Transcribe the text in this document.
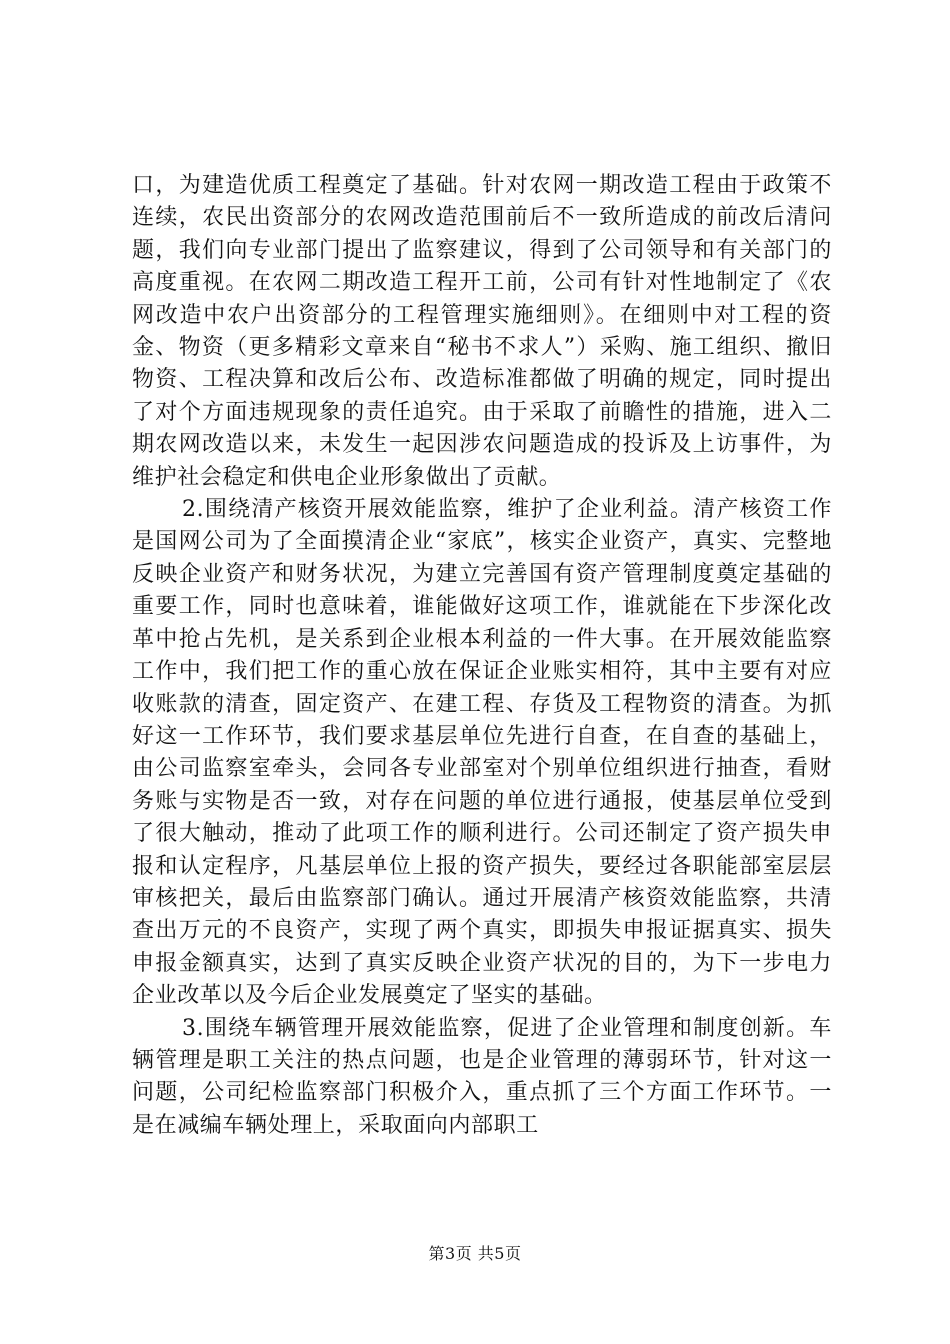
口，为建造优质工程奠定了基础。针对农网一期改造工程由于政策不连续，农民出资部分的农网改造范围前后不一致所造成的前改后清问题，我们向专业部门提出了监察建议，得到了公司领导和有关部门的高度重视。在农网二期改造工程开工前，公司有针对性地制定了《农网改造中农户出资部分的工程管理实施细则》。在细则中对工程的资金、物资（更多精彩文章来自“秘书不求人”）采购、施工组织、撤旧物资、工程决算和改后公布、改造标准都做了明确的规定，同时提出了对个方面违规现象的责任追究。由于采取了前瞻性的措施，进入二期农网改造以来，未发生一起因涉农问题造成的投诉及上访事件，为维护社会稳定和供电企业形象做出了贡献。

2.围绕清产核资开展效能监察，维护了企业利益。清产核资工作是国网公司为了全面摸清企业“家底”，核实企业资产，真实、完整地反映企业资产和财务状况，为建立完善国有资产管理制度奠定基础的重要工作，同时也意味着，谁能做好这项工作，谁就能在下步深化改革中抢占先机，是关系到企业根本利益的一件大事。在开展效能监察工作中，我们把工作的重心放在保证企业账实相符，其中主要有对应收账款的清查，固定资产、在建工程、存货及工程物资的清查。为抓好这一工作环节，我们要求基层单位先进行自查，在自查的基础上，由公司监察室牵头，会同各专业部室对个别单位组织进行抽查，看财务账与实物是否一致，对存在问题的单位进行通报，使基层单位受到了很大触动，推动了此项工作的顺利进行。公司还制定了资产损失申报和认定程序，凡基层单位上报的资产损失，要经过各职能部室层层审核把关，最后由监察部门确认。通过开展清产核资效能监察，共清查出万元的不良资产，实现了两个真实，即损失申报证据真实、损失申报金额真实，达到了真实反映企业资产状况的目的，为下一步电力企业改革以及今后企业发展奠定了坚实的基础。

3.围绕车辆管理开展效能监察，促进了企业管理和制度创新。车辆管理是职工关注的热点问题，也是企业管理的薄弱环节，针对这一问题，公司纪检监察部门积极介入，重点抓了三个方面工作环节。一是在减编车辆处理上，采取面向内部职工

第3页 共5页
